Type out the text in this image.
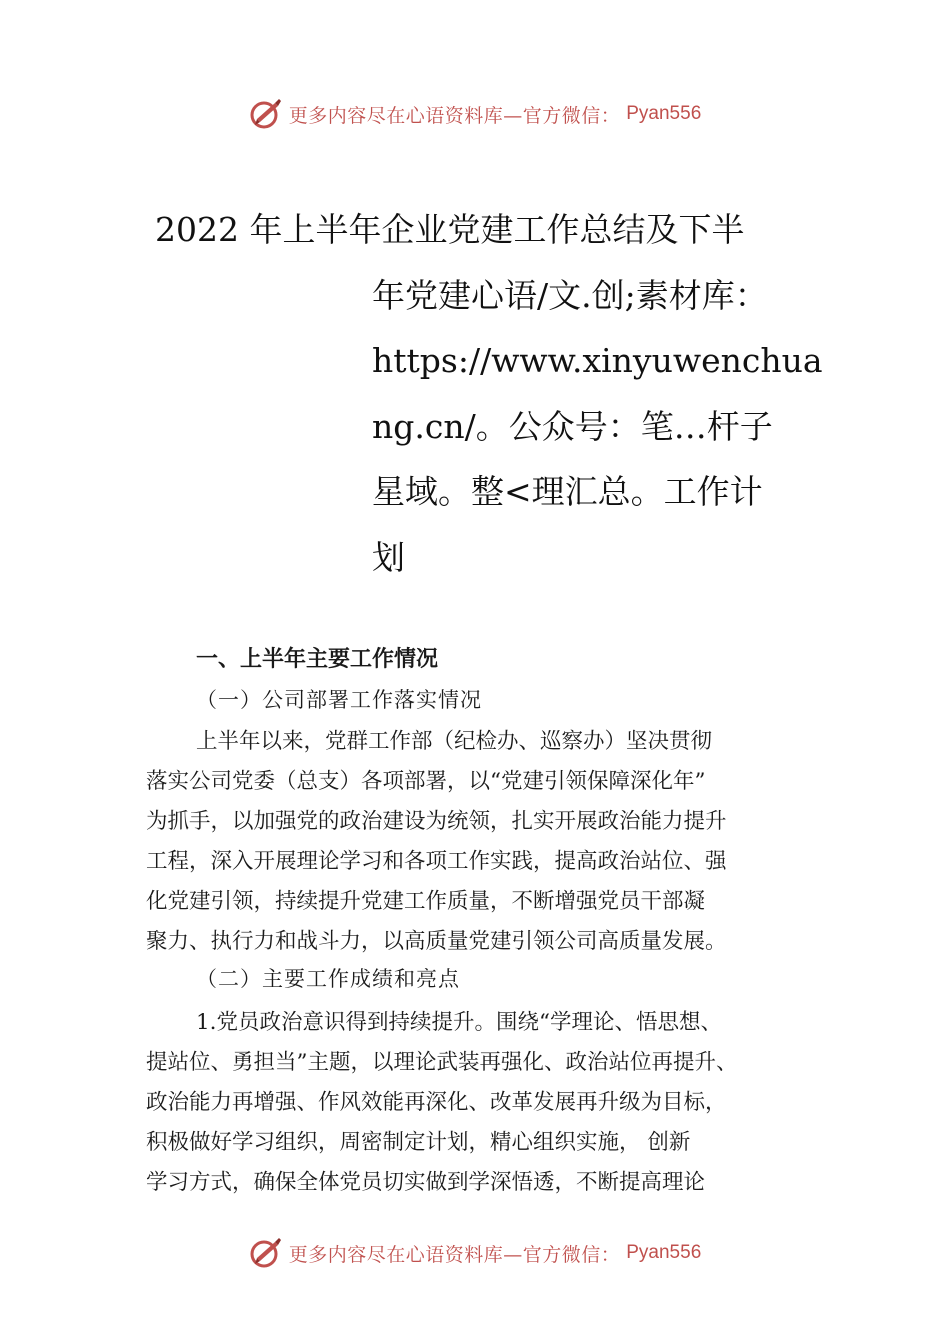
更多内容尽在心语资料库—官方微信： Pyan556
2022 年上半年企业党建工作总结及下半
年党建心语/文.创;素材库：
https://www.xinyuwenchua
ng.cn/。公众号：笔…杆子
星域。整<理汇总。工作计
划
一、上半年主要工作情况
（一）公司部署工作落实情况
上半年以来，党群工作部（纪检办、巡察办）坚决贯彻
落实公司党委（总支）各项部署，以“党建引领保障深化年”
为抓手，以加强党的政治建设为统领，扎实开展政治能力提升
工程，深入开展理论学习和各项工作实践，提高政治站位、强
化党建引领，持续提升党建工作质量，不断增强党员干部凝
聚力、执行力和战斗力，以高质量党建引领公司高质量发展。
（二）主要工作成绩和亮点
1.党员政治意识得到持续提升。围绕“学理论、悟思想、
提站位、勇担当”主题，以理论武装再强化、政治站位再提升、
政治能力再增强、作风效能再深化、改革发展再升级为目标，
积极做好学习组织，周密制定计划，精心组织实施， 创新
学习方式，确保全体党员切实做到学深悟透，不断提高理论
更多内容尽在心语资料库—官方微信： Pyan556
